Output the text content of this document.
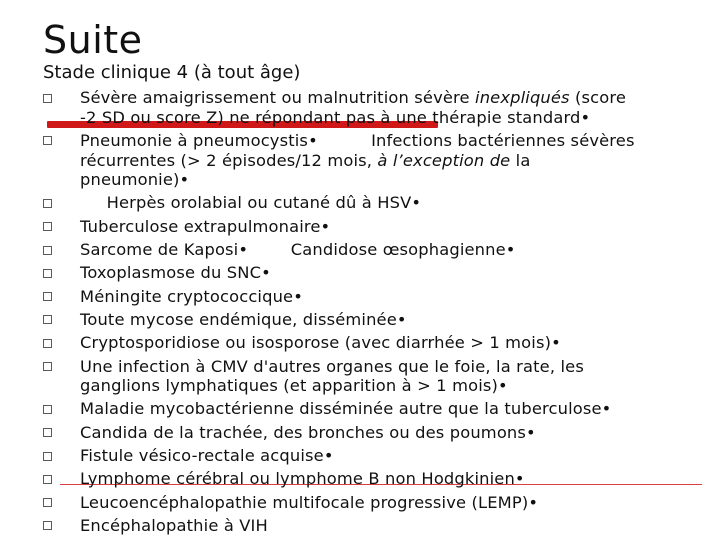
Suite
Stade clinique 4 (à tout âge)
Sévère amaigrissement ou malnutrition sévère inexpliqués (score
-2 SD ou score Z) ne répondant pas à une thérapie standard•
Pneumonie à pneumocystis•          Infections bactériennes sévères
récurrentes (> 2 épisodes/12 mois, à l’exception de la
pneumonie)•
Herpès orolabial ou cutané dû à HSV•
Tuberculose extrapulmonaire•
Sarcome de Kaposi•        Candidose œsophagienne•
Toxoplasmose du SNC•
Méningite cryptococcique•
Toute mycose endémique, disséminée•
Cryptosporidiose ou isosporose (avec diarrhée > 1 mois)•
Une infection à CMV d'autres organes que le foie, la rate, les
ganglions lymphatiques (et apparition à > 1 mois)•
Maladie mycobactérienne disséminée autre que la tuberculose•
Candida de la trachée, des bronches ou des poumons•
Fistule vésico-rectale acquise•
Lymphome cérébral ou lymphome B non Hodgkinien•
Leucoencéphalopathie multifocale progressive (LEMP)•
Encéphalopathie à VIH
